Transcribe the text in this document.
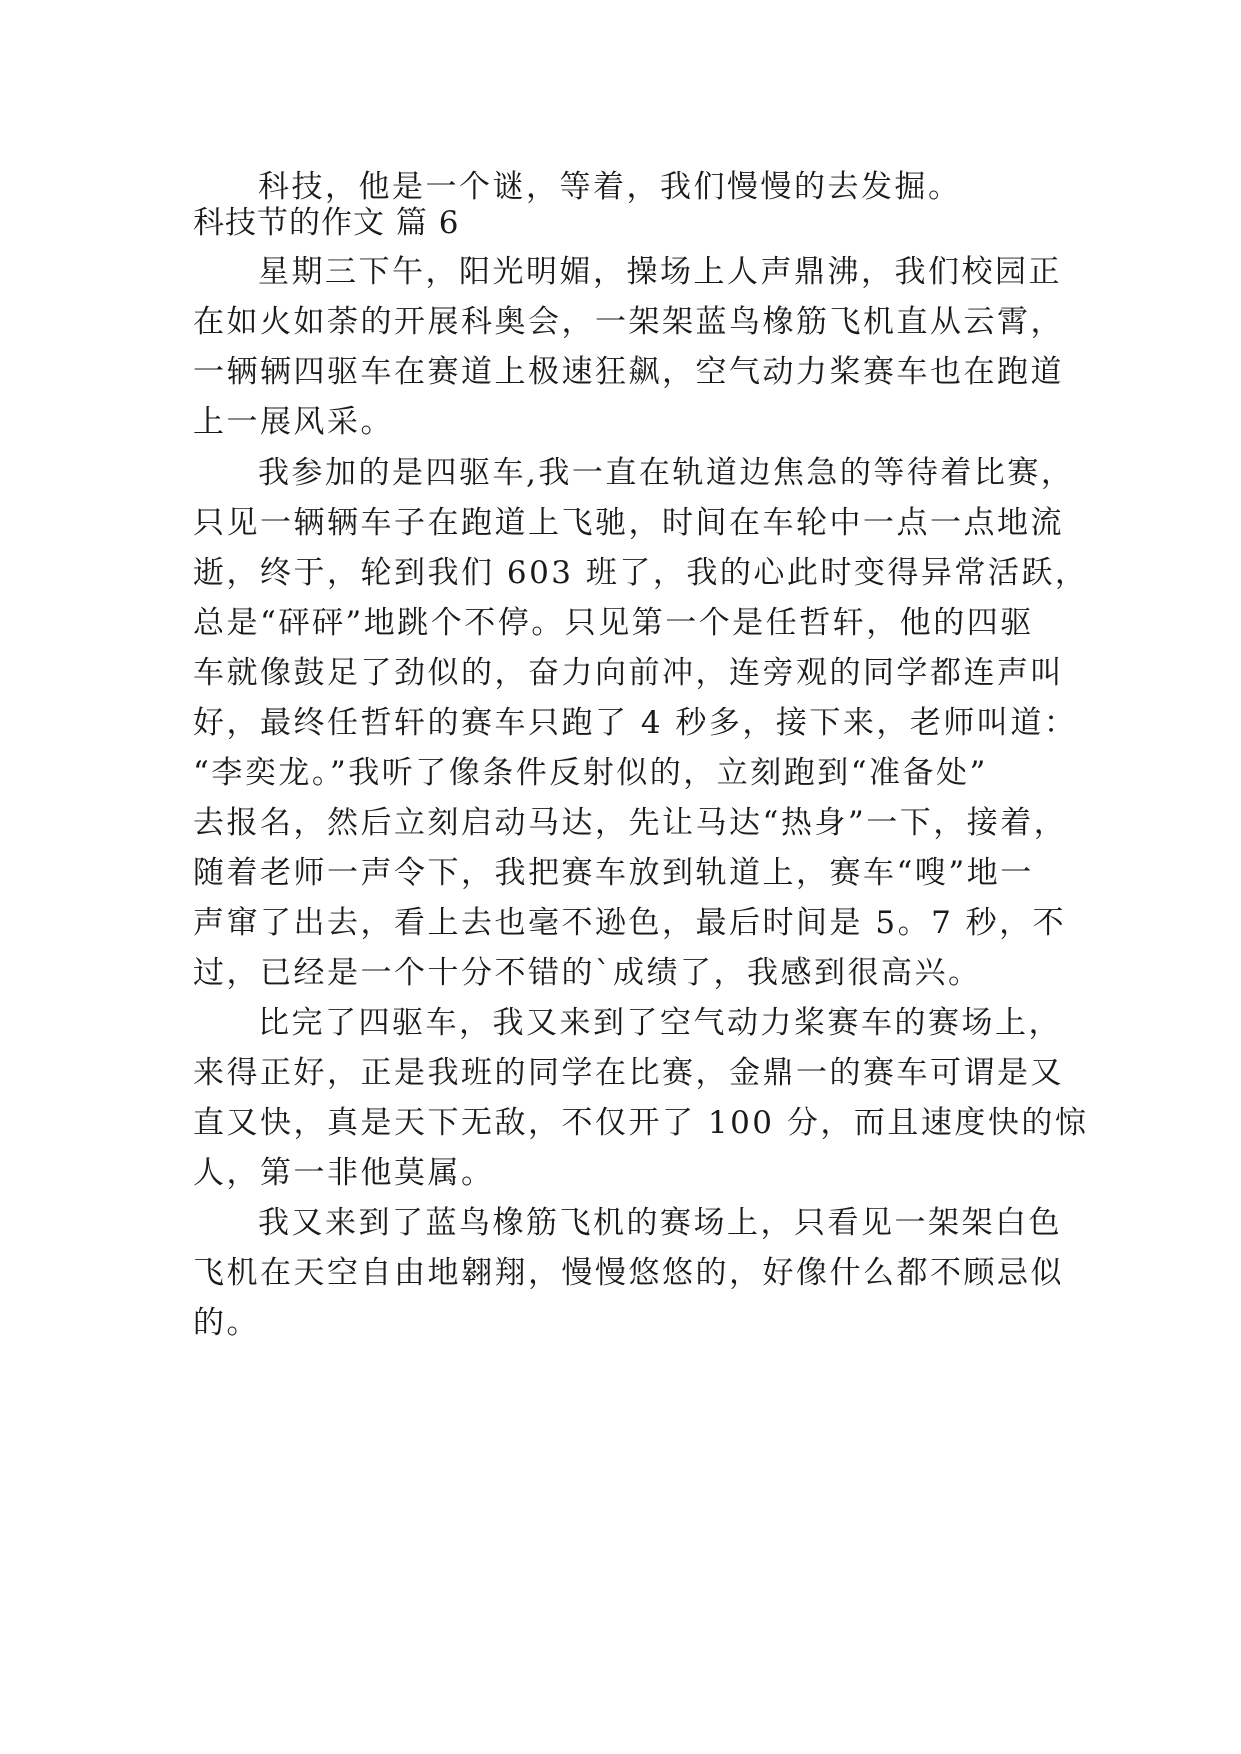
科技，他是一个谜，等着，我们慢慢的去发掘。

科技节的作文 篇 6

星期三下午，阳光明媚，操场上人声鼎沸，我们校园正

在如火如荼的开展科奥会，一架架蓝鸟橡筋飞机直从云霄，

一辆辆四驱车在赛道上极速狂飙，空气动力桨赛车也在跑道

上一展风采。

我参加的是四驱车,我一直在轨道边焦急的等待着比赛，

只见一辆辆车子在跑道上飞驰，时间在车轮中一点一点地流

逝，终于，轮到我们 603 班了，我的心此时变得异常活跃，

总是“砰砰”地跳个不停。只见第一个是任哲轩，他的四驱

车就像鼓足了劲似的，奋力向前冲，连旁观的同学都连声叫

好，最终任哲轩的赛车只跑了 4 秒多，接下来，老师叫道：

“李奕龙。”我听了像条件反射似的，立刻跑到“准备处”

去报名，然后立刻启动马达，先让马达“热身”一下，接着，

随着老师一声令下，我把赛车放到轨道上，赛车“嗖”地一

声窜了出去，看上去也毫不逊色，最后时间是 5。7 秒，不

过，已经是一个十分不错的`成绩了，我感到很高兴。

比完了四驱车，我又来到了空气动力桨赛车的赛场上，

来得正好，正是我班的同学在比赛，金鼎一的赛车可谓是又

直又快，真是天下无敌，不仅开了 100 分，而且速度快的惊

人，第一非他莫属。

我又来到了蓝鸟橡筋飞机的赛场上，只看见一架架白色

飞机在天空自由地翱翔，慢慢悠悠的，好像什么都不顾忌似

的。
